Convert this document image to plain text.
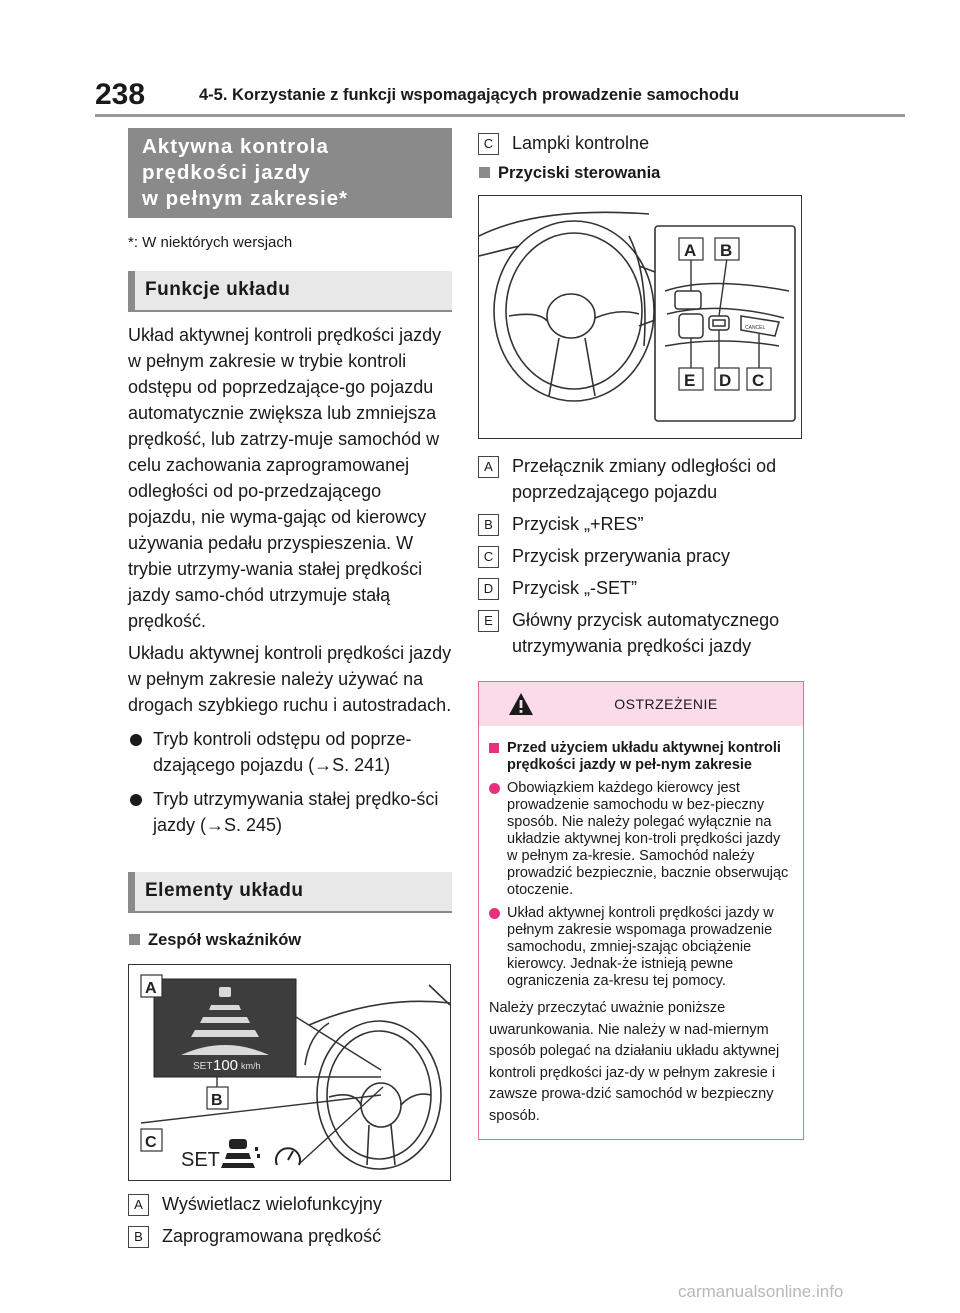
238	4-5. Korzystanie z funkcji wspomagających prowadzenie samochodu
Aktywna kontrola
prędkości jazdy
w pełnym zakresie*
*: W niektórych wersjach
Funkcje układu

Układ aktywnej kontroli prędkości jazdy w pełnym zakresie w trybie kontroli odstępu od poprzedzające-go pojazdu automatycznie zwiększa lub zmniejsza prędkość, lub zatrzy-muje samochód w celu zachowania zaprogramowanej odległości od po-przedzającego pojazdu, nie wyma-gając od kierowcy używania pedału przyspieszenia. W trybie utrzymy-wania stałej prędkości jazdy samo-chód utrzymuje stałą prędkość.

Układu aktywnej kontroli prędkości jazdy w pełnym zakresie należy używać na drogach szybkiego ruchu i autostradach.

Tryb kontroli odstępu od poprze-dzającego pojazdu (→S. 241)
Tryb utrzymywania stałej prędko-ści jazdy (→S. 245)
Elementy układu
Zespół wskaźników
SET 100 km/h
A
B
C
SET
A	Wyświetlacz wielofunkcyjny
B	Zaprogramowana prędkość
C	Lampki kontrolne
Przyciski sterowania
CANCEL
A B
E D C
A	Przełącznik zmiany odległości od poprzedzającego pojazdu
B	Przycisk „+RES”
C	Przycisk przerywania pracy
D	Przycisk „-SET”
E	Główny przycisk automatycznego utrzymywania prędkości jazdy
OSTRZEŻENIE
Przed użyciem układu aktywnej kontroli prędkości jazdy w peł-nym zakresie
Obowiązkiem każdego kierowcy jest prowadzenie samochodu w bez-pieczny sposób. Nie należy polegać wyłącznie na układzie aktywnej kon-troli prędkości jazdy w pełnym za-kresie. Samochód należy prowadzić bezpiecznie, bacznie obserwując otoczenie.
Układ aktywnej kontroli prędkości jazdy w pełnym zakresie wspomaga prowadzenie samochodu, zmniej-szając obciążenie kierowcy. Jednak-że istnieją pewne ograniczenia za-kresu tej pomocy.
Należy przeczytać uważnie poniższe uwarunkowania. Nie należy w nad-miernym sposób polegać na działaniu układu aktywnej kontroli prędkości jaz-dy w pełnym zakresie i zawsze prowa-dzić samochód w bezpieczny sposób.
carmanualsonline.info
